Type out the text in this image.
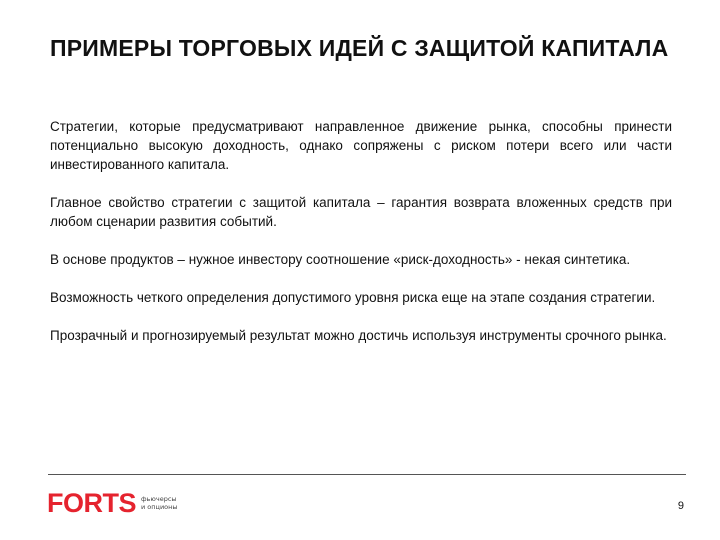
ПРИМЕРЫ ТОРГОВЫХ ИДЕЙ С ЗАЩИТОЙ КАПИТАЛА

Стратегии, которые предусматривают направленное движение рынка, способны принести потенциально высокую доходность, однако сопряжены с риском потери всего или части инвестированного капитала.

Главное свойство стратегии с защитой капитала – гарантия возврата вложенных средств при любом сценарии развития событий.

В основе продуктов – нужное инвестору соотношение «риск-доходность» - некая синтетика.

Возможность четкого определения допустимого уровня риска еще на этапе создания стратегии.

Прозрачный и прогнозируемый результат можно достичь используя инструменты срочного рынка.

FORTS фьючерсы
и опционы	9
